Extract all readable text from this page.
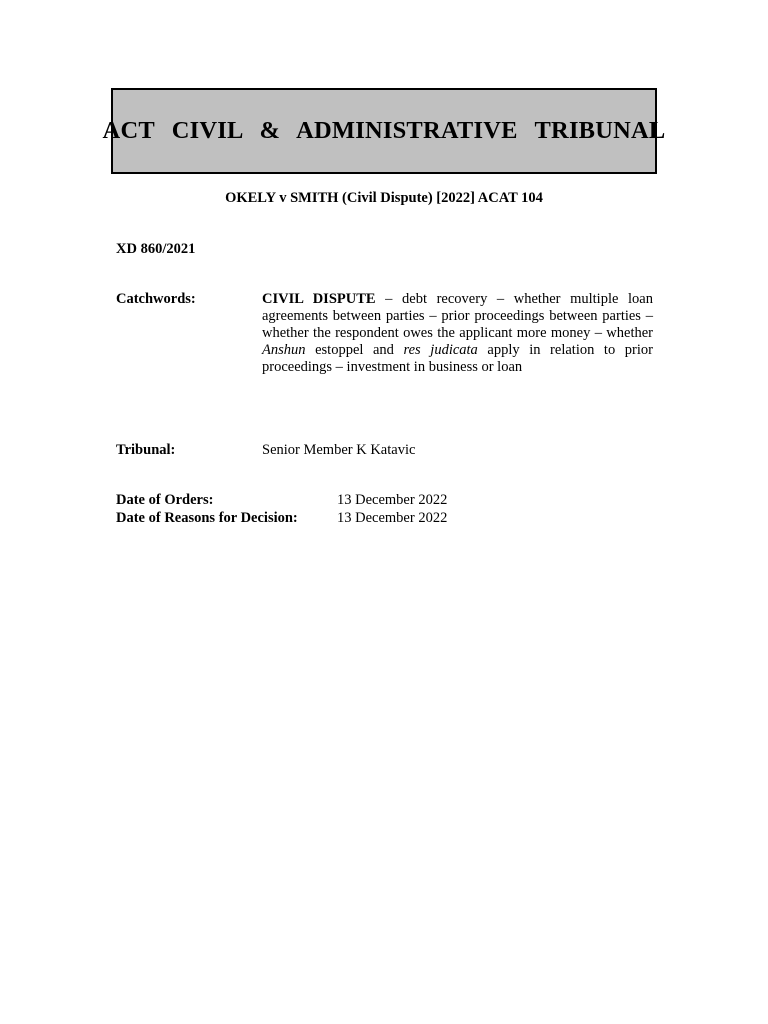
ACT CIVIL & ADMINISTRATIVE TRIBUNAL
OKELY v SMITH (Civil Dispute) [2022] ACAT 104
XD 860/2021
Catchwords:	CIVIL DISPUTE – debt recovery – whether multiple loan agreements between parties – prior proceedings between parties – whether the respondent owes the applicant more money – whether Anshun estoppel and res judicata apply in relation to prior proceedings – investment in business or loan
Tribunal:	Senior Member K Katavic
Date of Orders:	13 December 2022
Date of Reasons for Decision:	13 December 2022
